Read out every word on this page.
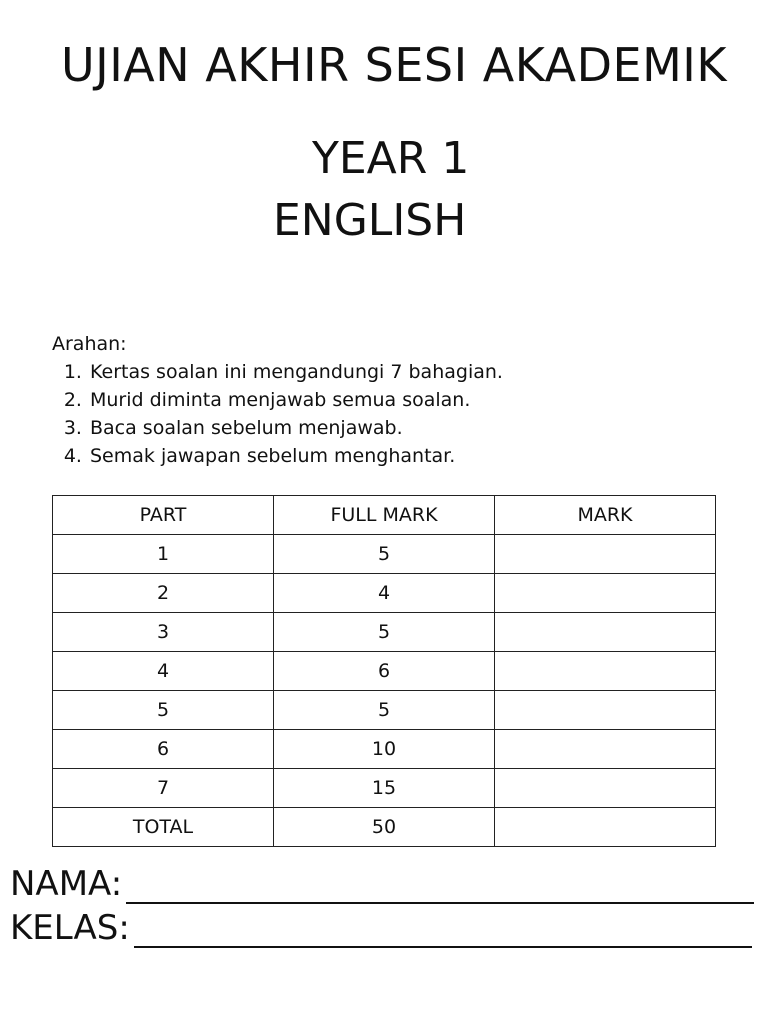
UJIAN AKHIR SESI AKADEMIK
YEAR 1
ENGLISH
Arahan:
1. Kertas soalan ini mengandungi 7 bahagian.
2. Murid diminta menjawab semua soalan.
3. Baca soalan sebelum menjawab.
4. Semak jawapan sebelum menghantar.
PART	FULL MARK	MARK
1	5	
2	4	
3	5	
4	6	
5	5	
6	10	
7	15	
TOTAL	50	
NAMA:
KELAS:
